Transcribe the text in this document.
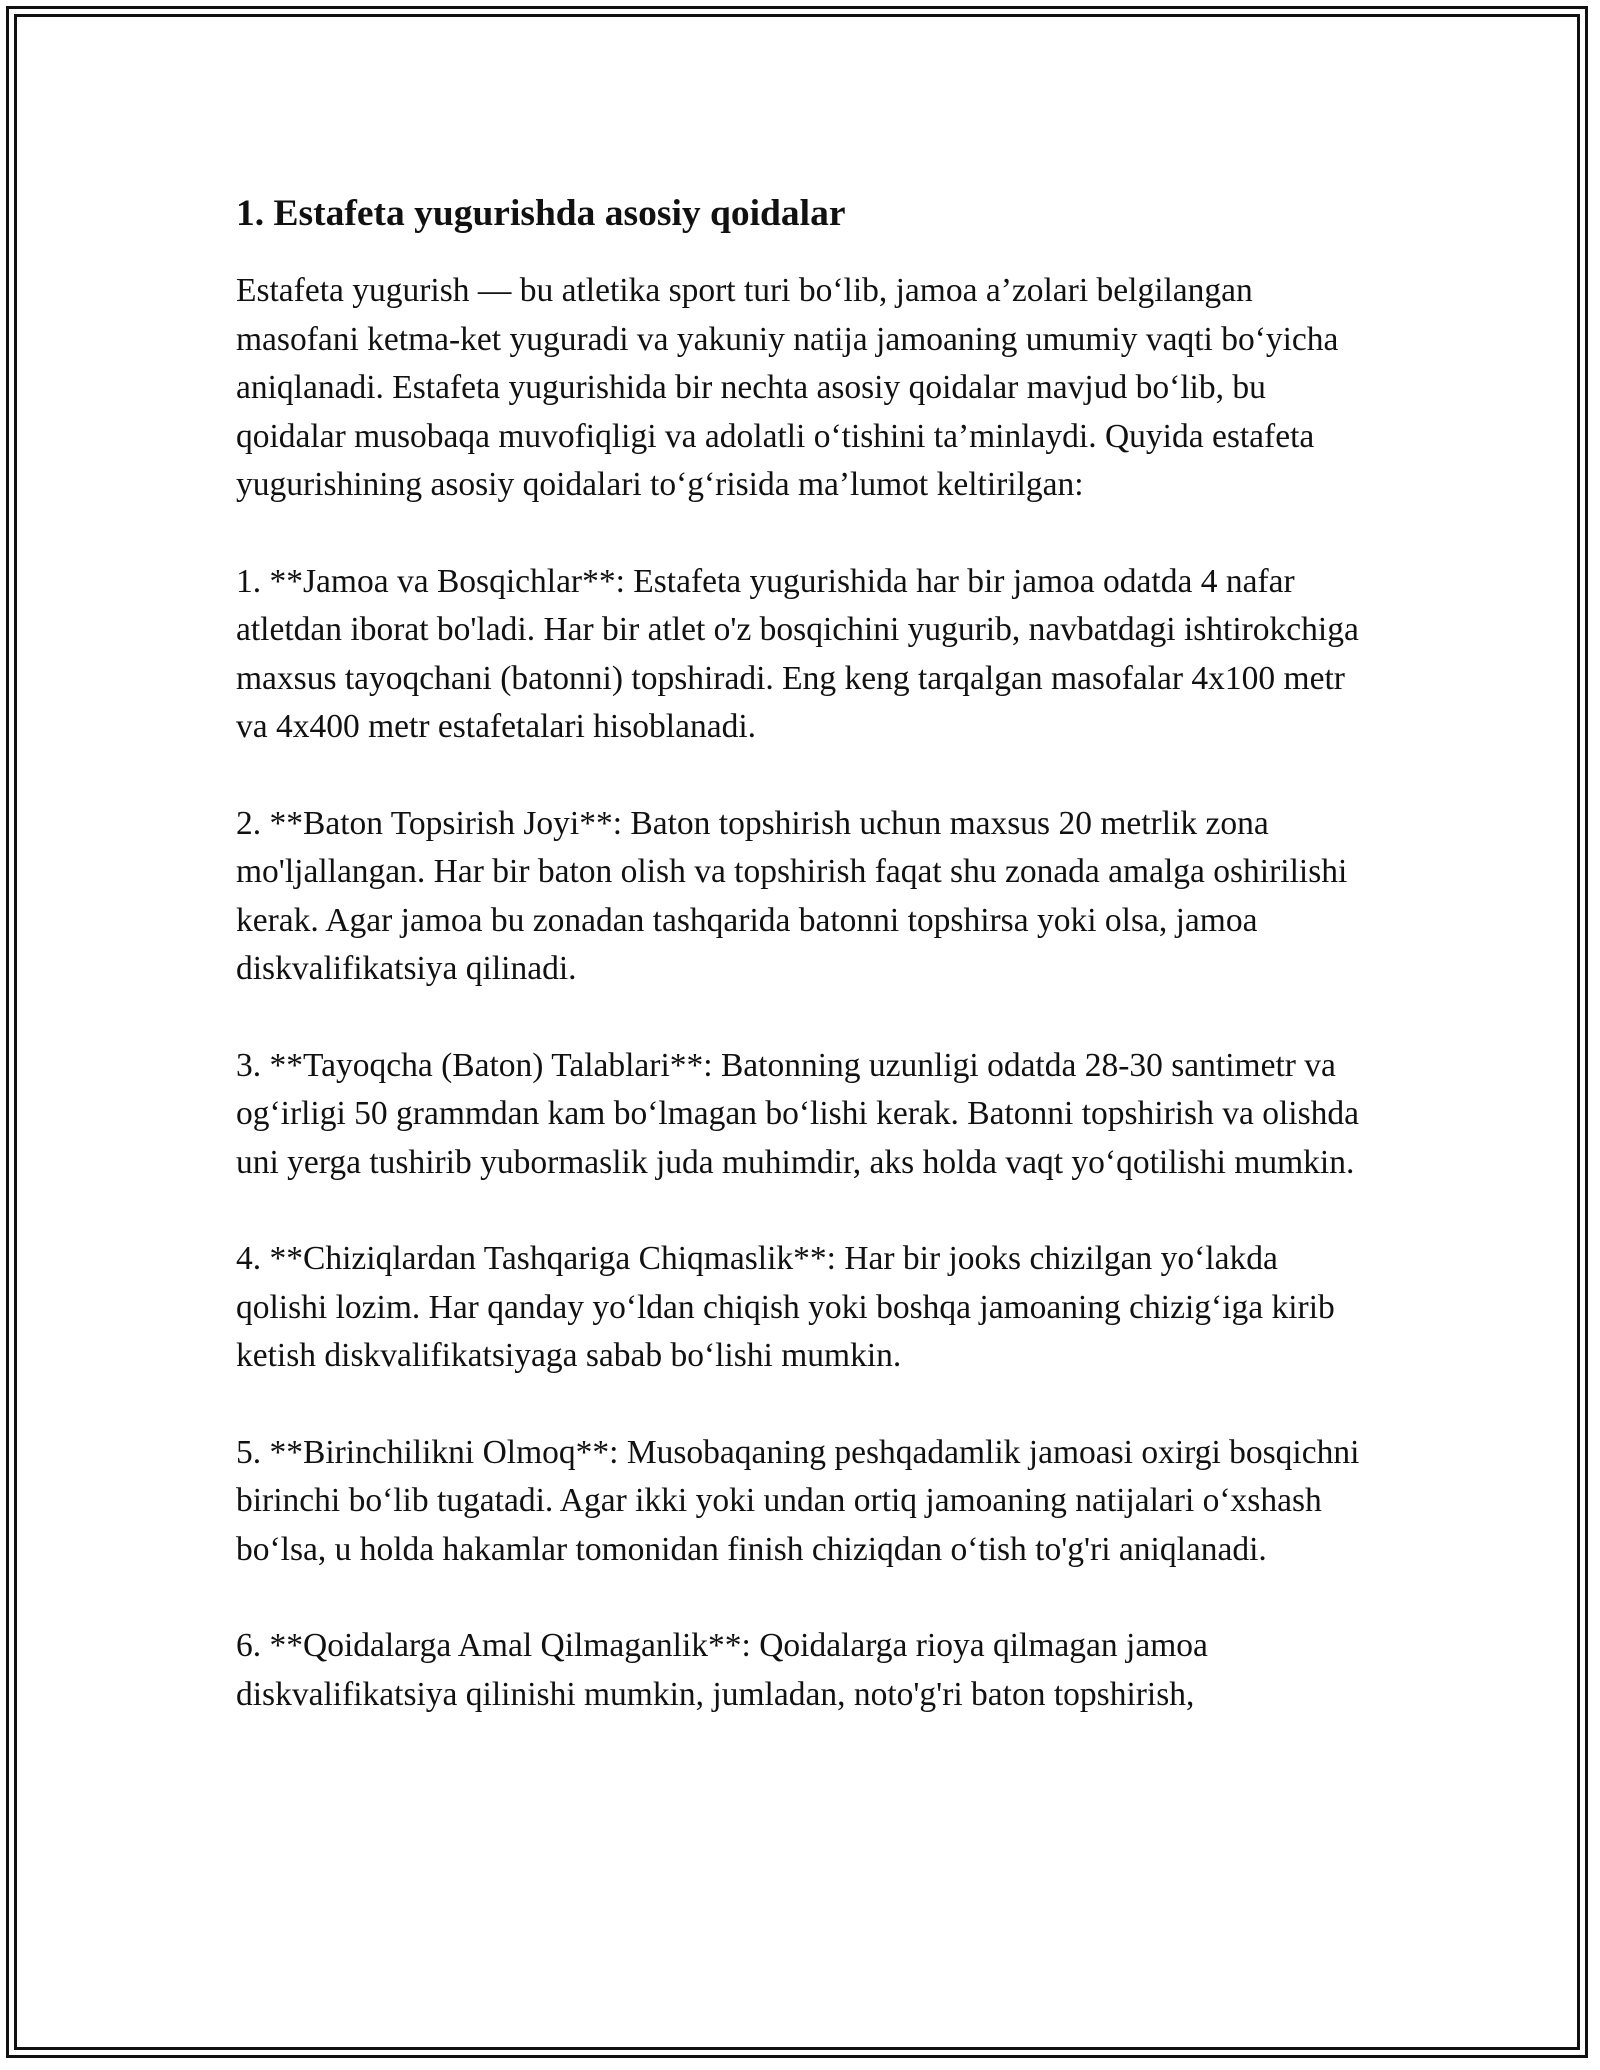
1. Estafeta yugurishda asosiy qoidalar

Estafeta yugurish — bu atletika sport turi bo‘lib, jamoa a’zolari belgilangan masofani ketma-ket yuguradi va yakuniy natija jamoaning umumiy vaqti bo‘yicha aniqlanadi. Estafeta yugurishida bir nechta asosiy qoidalar mavjud bo‘lib, bu qoidalar musobaqa muvofiqligi va adolatli o‘tishini ta’minlaydi. Quyida estafeta yugurishining asosiy qoidalari to‘g‘risida ma’lumot keltirilgan:

1. **Jamoa va Bosqichlar**: Estafeta yugurishida har bir jamoa odatda 4 nafar atletdan iborat bo'ladi. Har bir atlet o'z bosqichini yugurib, navbatdagi ishtirokchiga maxsus tayoqchani (batonni) topshiradi. Eng keng tarqalgan masofalar 4x100 metr va 4x400 metr estafetalari hisoblanadi.

2. **Baton Topsirish Joyi**: Baton topshirish uchun maxsus 20 metrlik zona mo'ljallangan. Har bir baton olish va topshirish faqat shu zonada amalga oshirilishi kerak. Agar jamoa bu zonadan tashqarida batonni topshirsa yoki olsa, jamoa diskvalifikatsiya qilinadi.

3. **Tayoqcha (Baton) Talablari**: Batonning uzunligi odatda 28-30 santimetr va og‘irligi 50 grammdan kam bo‘lmagan bo‘lishi kerak. Batonni topshirish va olishda uni yerga tushirib yubormaslik juda muhimdir, aks holda vaqt yo‘qotilishi mumkin.

4. **Chiziqlardan Tashqariga Chiqmaslik**: Har bir jooks chizilgan yo‘lakda qolishi lozim. Har qanday yo‘ldan chiqish yoki boshqa jamoaning chizig‘iga kirib ketish diskvalifikatsiyaga sabab bo‘lishi mumkin.

5. **Birinchilikni Olmoq**: Musobaqaning peshqadamlik jamoasi oxirgi bosqichni birinchi bo‘lib tugatadi. Agar ikki yoki undan ortiq jamoaning natijalari o‘xshash bo‘lsa, u holda hakamlar tomonidan finish chiziqdan o‘tish to'g'ri aniqlanadi.

6. **Qoidalarga Amal Qilmaganlik**: Qoidalarga rioya qilmagan jamoa diskvalifikatsiya qilinishi mumkin, jumladan, noto'g'ri baton topshirish,
